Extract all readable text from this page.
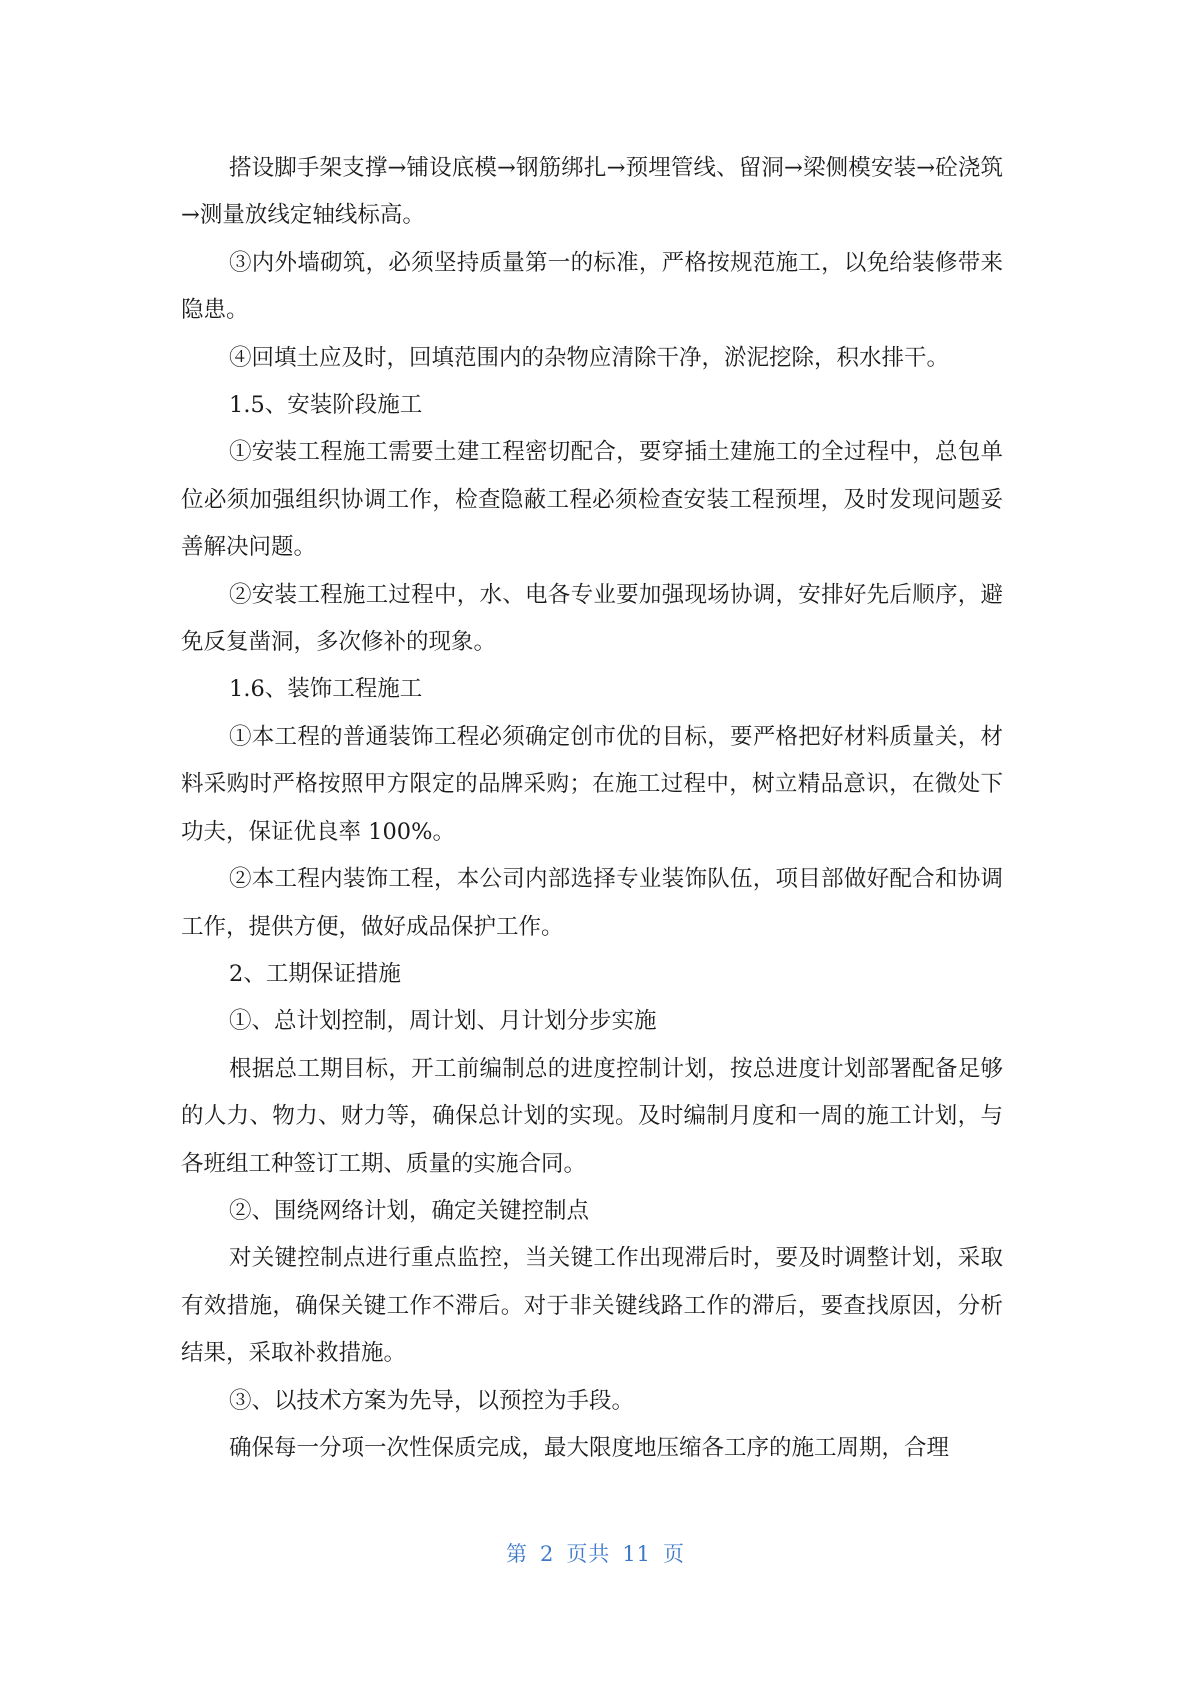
搭设脚手架支撑→铺设底模→钢筋绑扎→预埋管线、留洞→梁侧模安装→砼浇筑→测量放线定轴线标高。

③内外墙砌筑，必须坚持质量第一的标准，严格按规范施工，以免给装修带来隐患。

④回填土应及时，回填范围内的杂物应清除干净，淤泥挖除，积水排干。

1.5、安装阶段施工

①安装工程施工需要土建工程密切配合，要穿插土建施工的全过程中，总包单位必须加强组织协调工作，检查隐蔽工程必须检查安装工程预埋，及时发现问题妥善解决问题。

②安装工程施工过程中，水、电各专业要加强现场协调，安排好先后顺序，避免反复凿洞，多次修补的现象。

1.6、装饰工程施工

①本工程的普通装饰工程必须确定创市优的目标，要严格把好材料质量关，材料采购时严格按照甲方限定的品牌采购；在施工过程中，树立精品意识，在微处下功夫，保证优良率 100%。

②本工程内装饰工程，本公司内部选择专业装饰队伍，项目部做好配合和协调工作，提供方便，做好成品保护工作。

2、工期保证措施

①、总计划控制，周计划、月计划分步实施

根据总工期目标，开工前编制总的进度控制计划，按总进度计划部署配备足够的人力、物力、财力等，确保总计划的实现。及时编制月度和一周的施工计划，与各班组工种签订工期、质量的实施合同。

②、围绕网络计划，确定关键控制点

对关键控制点进行重点监控，当关键工作出现滞后时，要及时调整计划，采取有效措施，确保关键工作不滞后。对于非关键线路工作的滞后，要查找原因，分析结果，采取补救措施。

③、以技术方案为先导，以预控为手段。

确保每一分项一次性保质完成，最大限度地压缩各工序的施工周期，合理

第 2 页共 11 页
